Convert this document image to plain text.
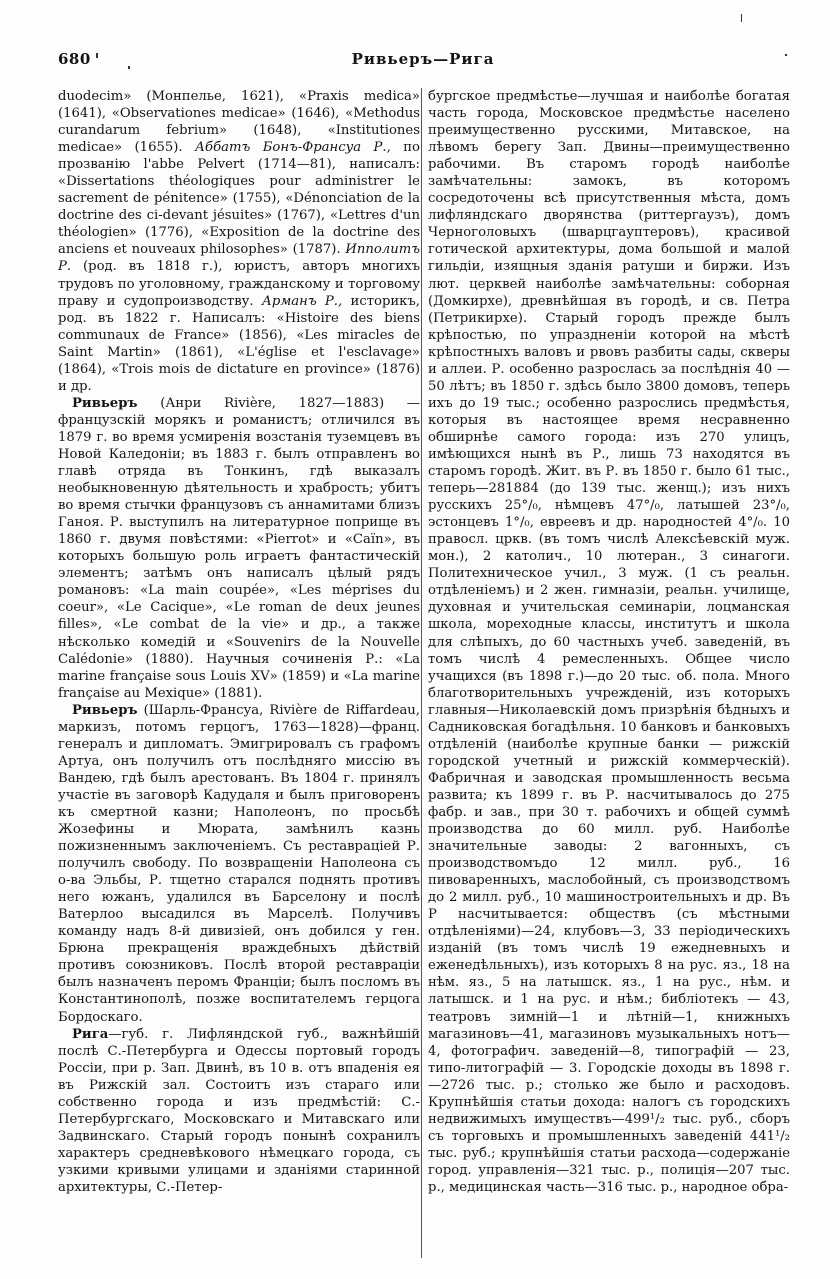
680	Ривьеръ—Рига

duodecim» (Монпелье, 1621), «Praxis medica» (1641), «Observationes medicae» (1646), «Methodus curandarum febrium» (1648), «Institutiones medicae» (1655). Аббатъ Бонъ-Франсуа Р., по прозванію l'abbe Pelvert (1714—81), написалъ: «Dissertations théologiques pour administrer le sacrement de pénitence» (1755), «Dénonciation de la doctrine des ci-devant jésuites» (1767), «Lettres d'un théologien» (1776), «Exposition de la doctrine des anciens et nouveaux philosophes» (1787). Ипполитъ Р. (род. въ 1818 г.), юристъ, авторъ многихъ трудовъ по уголовному, гражданскому и торговому праву и судопроизводству. Арманъ Р., историкъ, род. въ 1822 г. Написалъ: «Histoire des biens communaux de France» (1856), «Les miracles de Saint Martin» (1861), «L'église et l'esclavage» (1864), «Trois mois de dictature en province» (1876) и др.

Ривьеръ (Анри Rivière, 1827—1883) — французскій морякъ и романистъ; отличился въ 1879 г. во время усмиренія возстанія туземцевъ въ Новой Каледоніи; въ 1883 г. былъ отправленъ во главѣ отряда въ Тонкинъ, гдѣ выказалъ необыкновенную дѣятельность и храбрость; убитъ во время стычки французовъ съ аннамитами близъ Ганоя. Р. выступилъ на литературное поприще въ 1860 г. двумя повѣстями: «Pierrot» и «Caïn», въ которыхъ большую роль играетъ фантастическій элементъ; затѣмъ онъ написалъ цѣлый рядъ романовъ: «La main coupée», «Les méprises du coeur», «Le Cacique», «Le roman de deux jeunes filles», «Le combat de la vie» и др., а также нѣсколько комедій и «Souvenirs de la Nouvelle Calédonie» (1880). Научныя сочиненія Р.: «La marine française sous Louis XV» (1859) и «La marine française au Mexique» (1881).

Ривьеръ (Шарль-Франсуа, Rivière de Riffardeau, маркизъ, потомъ герцогъ, 1763—1828)—франц. генералъ и дипломатъ. Эмигрировалъ съ графомъ Артуа, онъ получилъ отъ послѣдняго миссію въ Вандею, гдѣ былъ арестованъ. Въ 1804 г. принялъ участіе въ заговорѣ Кадудаля и былъ приговоренъ къ смертной казни; Наполеонъ, по просьбѣ Жозефины и Мюрата, замѣнилъ казнь пожизненнымъ заключеніемъ. Съ реставраціей Р. получилъ свободу. По возвращеніи Наполеона съ о-ва Эльбы, Р. тщетно старался поднять противъ него южанъ, удалился въ Барселону и послѣ Ватерлоо высадился въ Марселѣ. Получивъ команду надъ 8-й дивизіей, онъ добился у ген. Брюна прекращенія враждебныхъ дѣйствій противъ союзниковъ. Послѣ второй реставраціи былъ назначенъ перомъ Франціи; былъ посломъ въ Константинополѣ, позже воспитателемъ герцога Бордоскаго.

Рига—губ. г. Лифляндской губ., важнѣйшій послѣ С.-Петербурга и Одессы портовый городъ Россіи, при р. Зап. Двинѣ, въ 10 в. отъ впаденія ея въ Рижскій зал. Состоитъ изъ стараго или собственно города и изъ предмѣстій: С.-Петербургскаго, Московскаго и Митавскаго или Задвинскаго. Старый городъ понынѣ сохранилъ характеръ средневѣкового нѣмецкаго города, съ узкими кривыми улицами и зданіями старинной архитектуры, С.-Петер-

бургское предмѣстье—лучшая и наиболѣе богатая часть города, Московское предмѣстье населено преимущественно русскими, Митавское, на лѣвомъ берегу Зап. Двины—преимущественно рабочими. Въ старомъ городѣ наиболѣе замѣчательны: замокъ, въ которомъ сосредоточены всѣ присутственныя мѣста, домъ лифляндскаго дворянства (риттергаузъ), домъ Черноголовыхъ (шварцгауптеровъ), красивой готической архитектуры, дома большой и малой гильдіи, изящныя зданія ратуши и биржи. Изъ лют. церквей наиболѣе замѣчательны: соборная (Домкирхе), древнѣйшая въ городѣ, и св. Петра (Петрикирхе). Старый городъ прежде былъ крѣпостью, по упраздненіи которой на мѣстѣ крѣпостныхъ валовъ и рвовъ разбиты сады, скверы и аллеи. Р. особенно разрослась за послѣднія 40 — 50 лѣтъ; въ 1850 г. здѣсь было 3800 домовъ, теперь ихъ до 19 тыс.; особенно разрослись предмѣстья, которыя въ настоящее время несравненно обширнѣе самого города: изъ 270 улицъ, имѣющихся нынѣ въ Р., лишь 73 находятся въ старомъ городѣ. Жит. въ Р. въ 1850 г. было 61 тыс., теперь—281884 (до 139 тыс. женщ.); изъ нихъ русскихъ 25°/₀, нѣмцевъ 47°/₀, латышей 23°/₀, эстонцевъ 1°/₀, евреевъ и др. народностей 4°/₀. 10 правосл. цркв. (въ томъ числѣ Алексѣевскій муж. мон.), 2 католич., 10 лютеран., 3 синагоги. Политехническое учил., 3 муж. (1 съ реальн. отдѣленіемъ) и 2 жен. гимназіи, реальн. училище, духовная и учительская семинаріи, лоцманская школа, мореходные классы, институтъ и школа для слѣпыхъ, до 60 частныхъ учеб. заведеній, въ томъ числѣ 4 ремесленныхъ. Общее число учащихся (въ 1898 г.)—до 20 тыс. об. пола. Много благотворительныхъ учрежденій, изъ которыхъ главныя—Николаевскій домъ призрѣнія бѣдныхъ и Садниковская богадѣльня. 10 банковъ и банковыхъ отдѣленій (наиболѣе крупные банки — рижскій городской учетный и рижскій коммерческій). Фабричная и заводская промышленность весьма развита; къ 1899 г. въ Р. насчитывалось до 275 фабр. и зав., при 30 т. рабочихъ и общей суммѣ производства до 60 милл. руб. Наиболѣе значительные заводы: 2 вагонныхъ, съ производствомъдо 12 милл. руб., 16 пивоваренныхъ, маслобойный, съ производствомъ до 2 милл. руб., 10 машиностроительныхъ и др. Въ Р насчитывается: обществъ (съ мѣстными отдѣленіями)—24, клубовъ—3, 33 періодическихъ изданій (въ томъ числѣ 19 ежедневныхъ и еженедѣльныхъ), изъ которыхъ 8 на рус. яз., 18 на нѣм. яз., 5 на латышск. яз., 1 на рус., нѣм. и латышск. и 1 на рус. и нѣм.; библіотекъ — 43, театровъ зимній—1 и лѣтній—1, книжныхъ магазиновъ—41, магазиновъ музыкальныхъ нотъ—4, фотографич. заведеній—8, типографій — 23, типо-литографій — 3. Городскіе доходы въ 1898 г.—2726 тыс. р.; столько же было и расходовъ. Крупнѣйшія статьи дохода: налогъ съ городскихъ недвижимыхъ имуществъ—499¹/₂ тыс. руб., сборъ съ торговыхъ и промышленныхъ заведеній 441¹/₂ тыс. руб.; крупнѣйшія статьи расхода—содержаніе город. управленія—321 тыс. р., полиція—207 тыс. р., медицинская часть—316 тыс. р., народное обра-
